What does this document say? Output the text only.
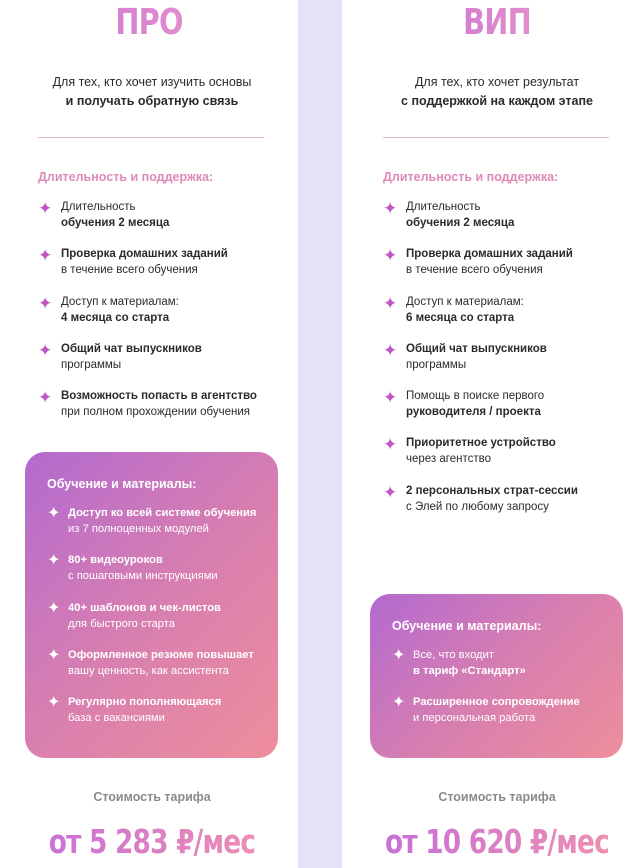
ПРО
Для тех, кто хочет изучить основы
и получать обратную связь
Длительность и поддержка:
✦ Длительность
обучения 2 месяца
✦ Проверка домашних заданий
в течение всего обучения
✦ Доступ к материалам:
4 месяца со старта
✦ Общий чат выпускников
программы
✦ Возможность попасть в агентство
при полном прохождении обучения
Обучение и материалы:
✦ Доступ ко всей системе обучения
из 7 полноценных модулей
✦ 80+ видеоуроков
с пошаговыми инструкциями
✦ 40+ шаблонов и чек-листов
для быстрого старта
✦ Оформленное резюме повышает
вашу ценность, как ассистента
✦ Регулярно пополняющаяся
база с вакансиями
Стоимость тарифа
от 5 283 ₽/мес
ВИП
Для тех, кто хочет результат
с поддержкой на каждом этапе
Длительность и поддержка:
✦ Длительность
обучения 2 месяца
✦ Проверка домашних заданий
в течение всего обучения
✦ Доступ к материалам:
6 месяца со старта
✦ Общий чат выпускников
программы
✦ Помощь в поиске первого
руководителя / проекта
✦ Приоритетное устройство
через агентство
✦ 2 персональных страт-сессии
с Элей по любому запросу
Обучение и материалы:
✦ Все, что входит
в тариф «Стандарт»
✦ Расширенное сопровождение
и персональная работа
Стоимость тарифа
от 10 620 ₽/мес
